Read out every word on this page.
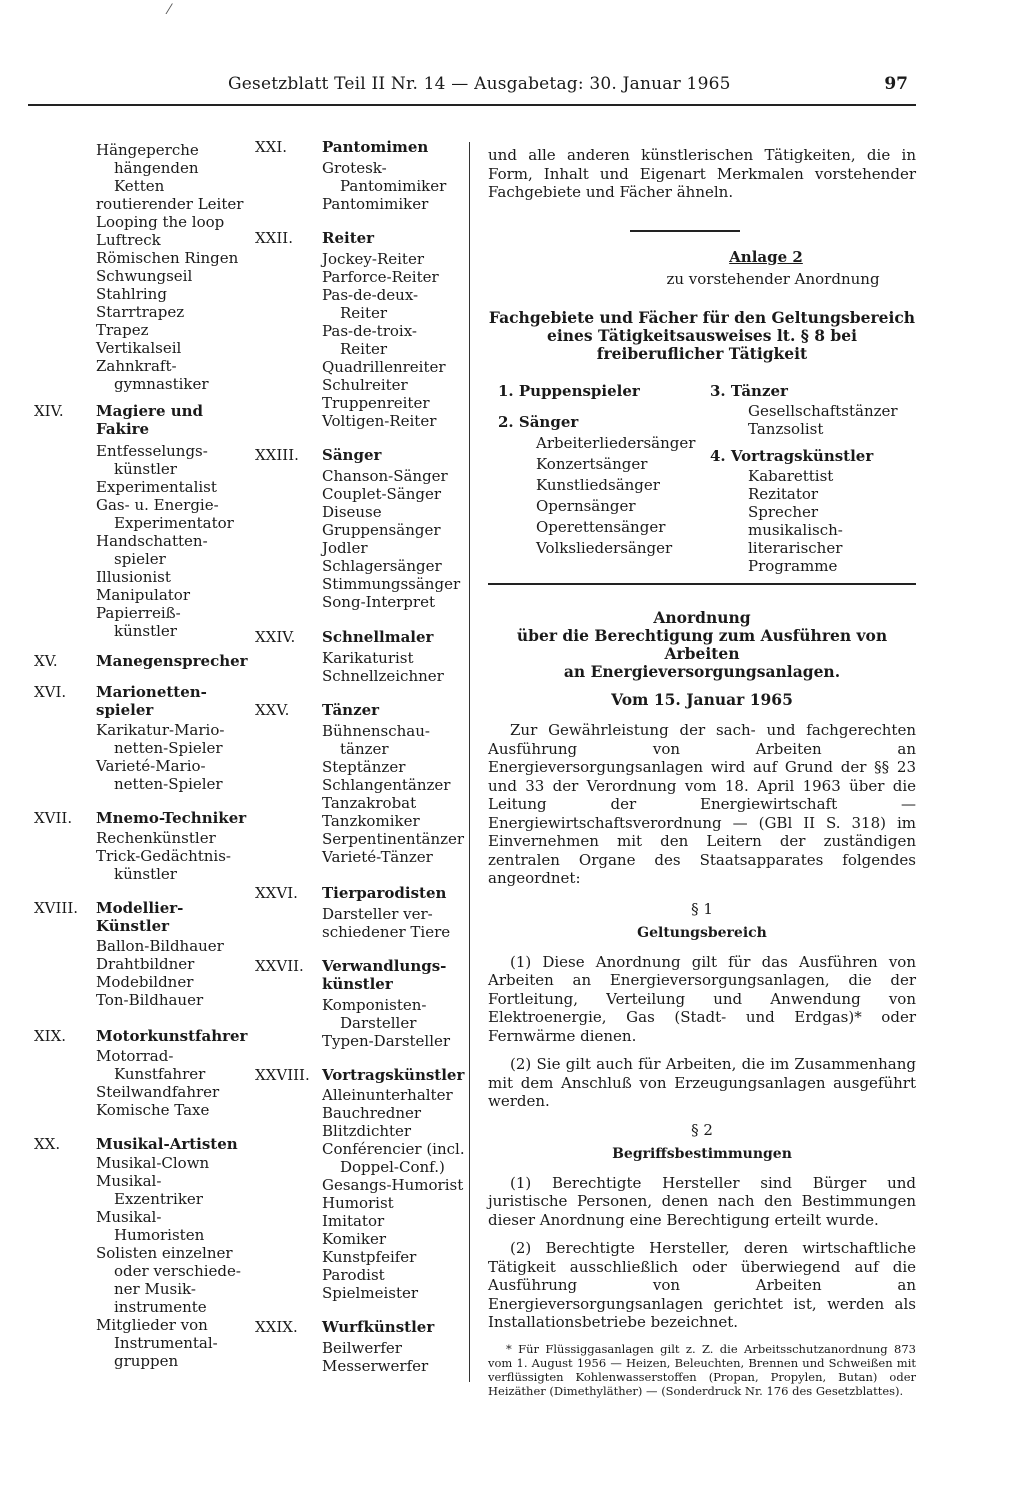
⁄
Gesetzblatt Teil II Nr. 14 — Ausgabetag: 30. Januar 1965	97
Hängeperche
hängenden
Ketten
routierender Leiter
Looping the loop
Luftreck
Römischen Ringen
Schwungseil
Stahlring
Starrtrapez
Trapez
Vertikalseil
Zahnkraft-
gymnastiker
XIV. Magiere und
Fakire
Entfesselungs-
künstler
Experimentalist
Gas- u. Energie-
Experimentator
Handschatten-
spieler
Illusionist
Manipulator
Papierreiß-
künstler
XV.	Manegensprecher
XVI. Marionetten-
spieler
Karikatur-Mario-
netten-Spieler
Varieté-Mario-
netten-Spieler
XVII. Mnemo-Techniker
Rechenkünstler
Trick-Gedächtnis-
künstler
XVIII. Modellier-
Künstler
Ballon-Bildhauer
Drahtbildner
Modebildner
Ton-Bildhauer
XIX. Motorkunstfahrer
Motorrad-
Kunstfahrer
Steilwandfahrer
Komische Taxe
XX. Musikal-Artisten
Musikal-Clown
Musikal-
Exzentriker
Musikal-
Humoristen
Solisten einzelner
oder verschiede-
ner Musik-
instrumente
Mitglieder von
Instrumental-
gruppen
XXI. Pantomimen
Grotesk-
Pantomimiker
Pantomimiker
XXII. Reiter
Jockey-Reiter
Parforce-Reiter
Pas-de-deux-
Reiter
Pas-de-troix-
Reiter
Quadrillenreiter
Schulreiter
Truppenreiter
Voltigen-Reiter
XXIII. Sänger
Chanson-Sänger
Couplet-Sänger
Diseuse
Gruppensänger
Jodler
Schlagersänger
Stimmungssänger
Song-Interpret
XXIV. Schnellmaler
Karikaturist
Schnellzeichner
XXV. Tänzer
Bühnenschau-
tänzer
Steptänzer
Schlangentänzer
Tanzakrobat
Tanzkomiker
Serpentinentänzer
Varieté-Tänzer
XXVI. Tierparodisten
Darsteller ver-
schiedener Tiere
XXVII. Verwandlungs-
künstler
Komponisten-
Darsteller
Typen-Darsteller
XXVIII. Vortragskünstler
Alleinunterhalter
Bauchredner
Blitzdichter
Conférencier (incl.
Doppel-Conf.)
Gesangs-Humorist
Humorist
Imitator
Komiker
Kunstpfeifer
Parodist
Spielmeister
XXIX. Wurfkünstler
Beilwerfer
Messerwerfer

und alle anderen künstlerischen Tätigkeiten, die in Form, Inhalt und Eigenart Merkmalen vorstehender Fachgebiete und Fächer ähneln.

Anlage 2
zu vorstehender Anordnung
Fachgebiete und Fächer für den Geltungsbereich eines Tätigkeitsausweises lt. § 8 bei freiberuflicher Tätigkeit
1. Puppenspieler
2. Sänger
Arbeiterliedersänger
Konzertsänger
Kunstliedsänger
Opernsänger
Operettensänger
Volksliedersänger
3. Tänzer
Gesellschaftstänzer
Tanzsolist
4. Vortragskünstler
Kabarettist
Rezitator
Sprecher musikalisch-
literarischer
Programme
Anordnung
über die Berechtigung zum Ausführen von Arbeiten
an Energieversorgungsanlagen.
Vom 15. Januar 1965

Zur Gewährleistung der sach- und fachgerechten Ausführung von Arbeiten an Energieversorgungsanlagen wird auf Grund der §§ 23 und 33 der Verordnung vom 18. April 1963 über die Leitung der Energiewirtschaft — Energiewirtschaftsverordnung — (GBl II S. 318) im Einvernehmen mit den Leitern der zuständigen zentralen Organe des Staatsapparates folgendes angeordnet:

§ 1
Geltungsbereich

(1) Diese Anordnung gilt für das Ausführen von Arbeiten an Energieversorgungsanlagen, die der Fortleitung, Verteilung und Anwendung von Elektroenergie, Gas (Stadt- und Erdgas)* oder Fernwärme dienen.

(2) Sie gilt auch für Arbeiten, die im Zusammenhang mit dem Anschluß von Erzeugungsanlagen ausgeführt werden.

§ 2
Begriffsbestimmungen

(1) Berechtigte Hersteller sind Bürger und juristische Personen, denen nach den Bestimmungen dieser Anordnung eine Berechtigung erteilt wurde.

(2) Berechtigte Hersteller, deren wirtschaftliche Tätigkeit ausschließlich oder überwiegend auf die Ausführung von Arbeiten an Energieversorgungsanlagen gerichtet ist, werden als Installationsbetriebe bezeichnet.

* Für Flüssiggasanlagen gilt z. Z. die Arbeitsschutzanordnung 873 vom 1. August 1956 — Heizen, Beleuchten, Brennen und Schweißen mit verflüssigten Kohlenwasserstoffen (Propan, Propylen, Butan) oder Heizäther (Dimethyläther) — (Sonderdruck Nr. 176 des Gesetzblattes).
